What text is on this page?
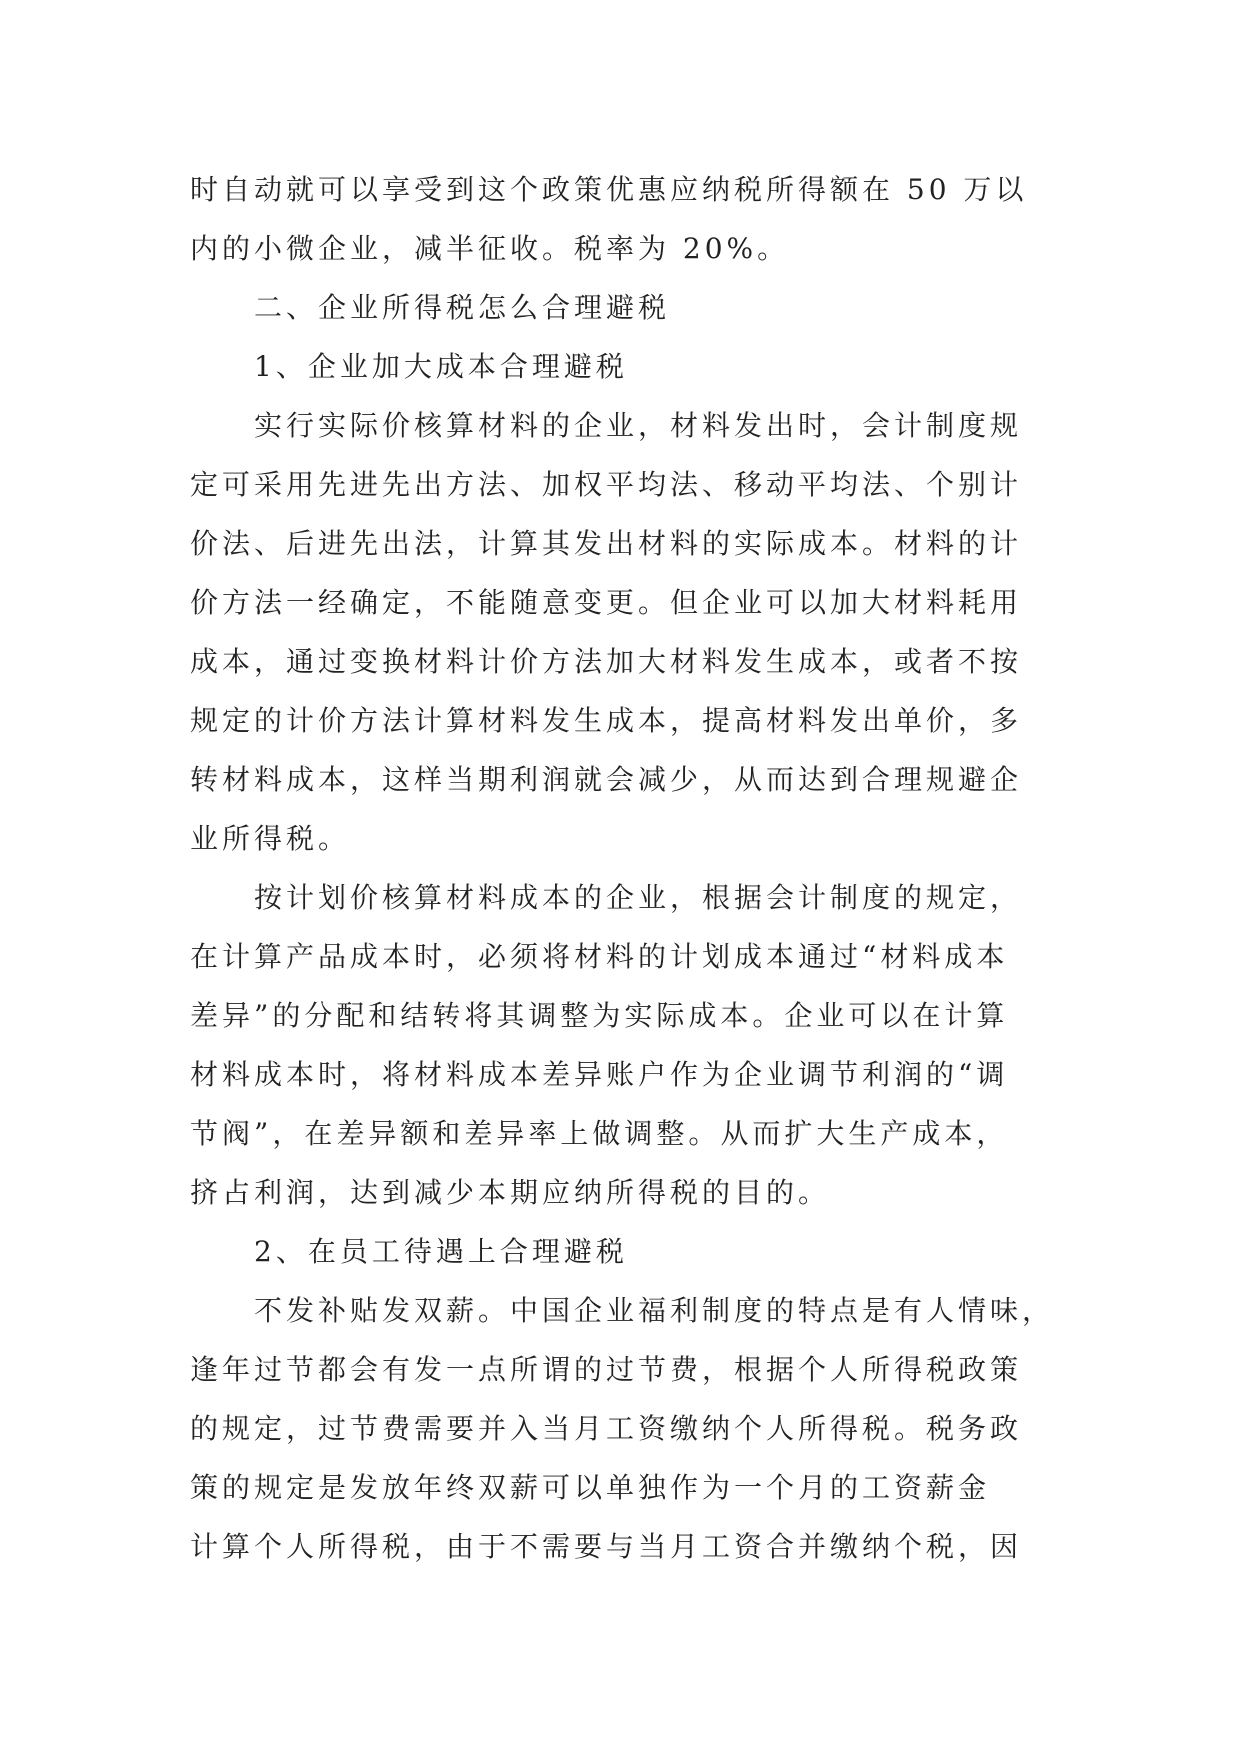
时自动就可以享受到这个政策优惠应纳税所得额在 50 万以
内的小微企业，减半征收。税率为 20%。
二、企业所得税怎么合理避税
1、企业加大成本合理避税
实行实际价核算材料的企业，材料发出时，会计制度规
定可采用先进先出方法、加权平均法、移动平均法、个别计
价法、后进先出法，计算其发出材料的实际成本。材料的计
价方法一经确定，不能随意变更。但企业可以加大材料耗用
成本，通过变换材料计价方法加大材料发生成本，或者不按
规定的计价方法计算材料发生成本，提高材料发出单价，多
转材料成本，这样当期利润就会减少，从而达到合理规避企
业所得税。
按计划价核算材料成本的企业，根据会计制度的规定，
在计算产品成本时，必须将材料的计划成本通过“材料成本
差异”的分配和结转将其调整为实际成本。企业可以在计算
材料成本时，将材料成本差异账户作为企业调节利润的“调
节阀”，在差异额和差异率上做调整。从而扩大生产成本，
挤占利润，达到减少本期应纳所得税的目的。
2、在员工待遇上合理避税
不发补贴发双薪。中国企业福利制度的特点是有人情味，
逢年过节都会有发一点所谓的过节费，根据个人所得税政策
的规定，过节费需要并入当月工资缴纳个人所得税。税务政
策的规定是发放年终双薪可以单独作为一个月的工资薪金
计算个人所得税，由于不需要与当月工资合并缴纳个税，因
